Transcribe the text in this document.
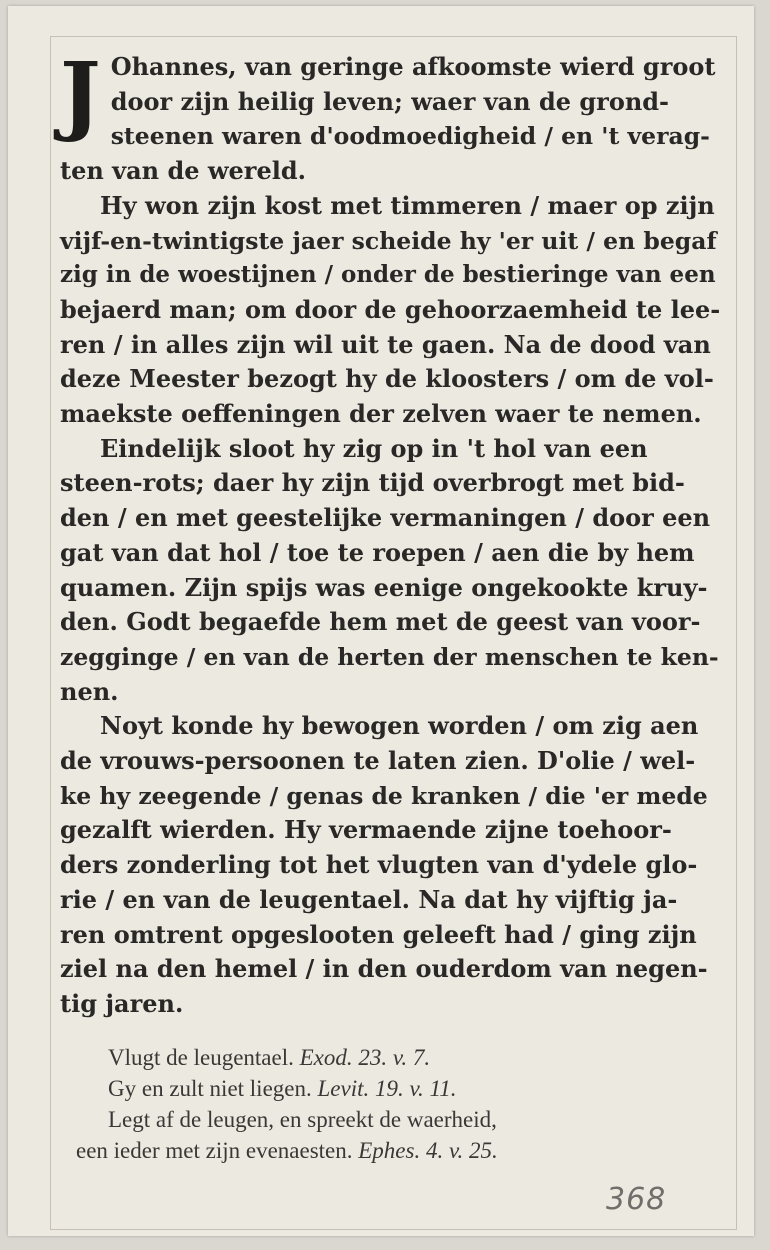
J Ohannes, van geringe afkoomste wierd groot
door zijn heilig leven; waer van de grond-
steenen waren d'oodmoedigheid / en 't verag-
ten van de wereld.
Hy won zijn kost met timmeren / maer op zijn
vijf-en-twintigste jaer scheide hy 'er uit / en begaf
zig in de woestijnen / onder de bestieringe van een
bejaerd man; om door de gehoorzaemheid te lee-
ren / in alles zijn wil uit te gaen. Na de dood van
deze Meester bezogt hy de kloosters / om de vol-
maekste oeffeningen der zelven waer te nemen.
Eindelijk sloot hy zig op in 't hol van een
steen-rots; daer hy zijn tijd overbrogt met bid-
den / en met geestelijke vermaningen / door een
gat van dat hol / toe te roepen / aen die by hem
quamen. Zijn spijs was eenige ongekookte kruy-
den. Godt begaefde hem met de geest van voor-
zegginge / en van de herten der menschen te ken-
nen.
Noyt konde hy bewogen worden / om zig aen
de vrouws-persoonen te laten zien. D'olie / wel-
ke hy zeegende / genas de kranken / die 'er mede
gezalft wierden. Hy vermaende zijne toehoor-
ders zonderling tot het vlugten van d'ydele glo-
rie / en van de leugentael. Na dat hy vijftig ja-
ren omtrent opgeslooten geleeft had / ging zijn
ziel na den hemel / in den ouderdom van negen-
tig jaren.
Vlugt de leugentael. Exod. 23. v. 7.
Gy en zult niet liegen. Levit. 19. v. 11.
Legt af de leugen, en spreekt de waerheid,
een ieder met zijn evenaesten. Ephes. 4. v. 25.
368
